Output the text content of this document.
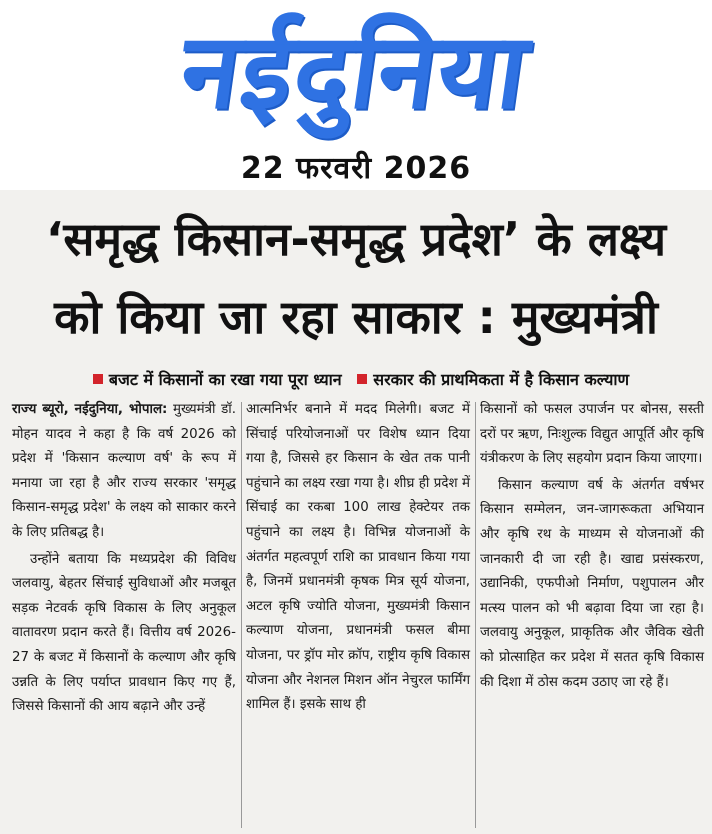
नईदुनिया
22 फरवरी 2026
‘समृद्ध किसान-समृद्ध प्रदेश’ के लक्ष्य
को किया जा रहा साकार : मुख्यमंत्री
बजट में किसानों का रखा गया पूरा ध्यान सरकार की प्राथमिकता में है किसान कल्याण

राज्य ब्यूरो, नईदुनिया, भोपाल: मुख्यमंत्री डॉ. मोहन यादव ने कहा है कि वर्ष 2026 को प्रदेश में 'किसान कल्याण वर्ष' के रूप में मनाया जा रहा है और राज्य सरकार 'समृद्ध किसान-समृद्ध प्रदेश' के लक्ष्य को साकार करने के लिए प्रतिबद्ध है।

उन्होंने बताया कि मध्यप्रदेश की विविध जलवायु, बेहतर सिंचाई सुविधाओं और मजबूत सड़क नेटवर्क कृषि विकास के लिए अनुकूल वातावरण प्रदान करते हैं। वित्तीय वर्ष 2026-27 के बजट में किसानों के कल्याण और कृषि उन्नति के लिए पर्याप्त प्रावधान किए गए हैं, जिससे किसानों की आय बढ़ाने और उन्हें

आत्मनिर्भर बनाने में मदद मिलेगी। बजट में सिंचाई परियोजनाओं पर विशेष ध्यान दिया गया है, जिससे हर किसान के खेत तक पानी पहुंचाने का लक्ष्य रखा गया है। शीघ्र ही प्रदेश में सिंचाई का रकबा 100 लाख हेक्टेयर तक पहुंचाने का लक्ष्य है। विभिन्न योजनाओं के अंतर्गत महत्वपूर्ण राशि का प्रावधान किया गया है, जिनमें प्रधानमंत्री कृषक मित्र सूर्य योजना, अटल कृषि ज्योति योजना, मुख्यमंत्री किसान कल्याण योजना, प्रधानमंत्री फसल बीमा योजना, पर ड्रॉप मोर क्रॉप, राष्ट्रीय कृषि विकास योजना और नेशनल मिशन ऑन नेचुरल फार्मिंग शामिल हैं। इसके साथ ही

किसानों को फसल उपार्जन पर बोनस, सस्ती दरों पर ऋण, निःशुल्क विद्युत आपूर्ति और कृषि यंत्रीकरण के लिए सहयोग प्रदान किया जाएगा।

किसान कल्याण वर्ष के अंतर्गत वर्षभर किसान सम्मेलन, जन-जागरूकता अभियान और कृषि रथ के माध्यम से योजनाओं की जानकारी दी जा रही है। खाद्य प्रसंस्करण, उद्यानिकी, एफपीओ निर्माण, पशुपालन और मत्स्य पालन को भी बढ़ावा दिया जा रहा है। जलवायु अनुकूल, प्राकृतिक और जैविक खेती को प्रोत्साहित कर प्रदेश में सतत कृषि विकास की दिशा में ठोस कदम उठाए जा रहे हैं।
